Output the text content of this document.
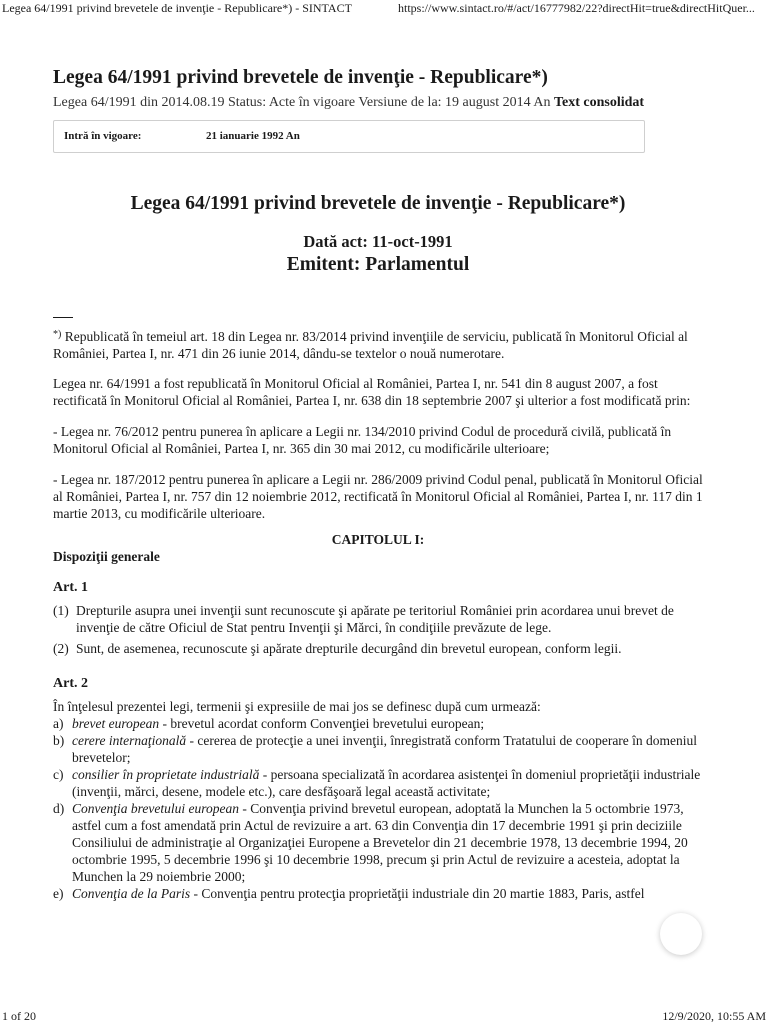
Legea 64/1991 privind brevetele de invenţie - Republicare*) - SINTACT	https://www.sintact.ro/#/act/16777982/22?directHit=true&directHitQuer...
Legea 64/1991 privind brevetele de invenţie - Republicare*)
Legea 64/1991 din 2014.08.19 Status: Acte în vigoare Versiune de la: 19 august 2014 An Text consolidat
Intră în vigoare:	21 ianuarie 1992 An
Legea 64/1991 privind brevetele de invenţie - Republicare*)
Dată act: 11-oct-1991
Emitent: Parlamentul

*) Republicată în temeiul art. 18 din Legea nr. 83/2014 privind invenţiile de serviciu, publicată în Monitorul Oficial al României, Partea I, nr. 471 din 26 iunie 2014, dându-se textelor o nouă numerotare.

Legea nr. 64/1991 a fost republicată în Monitorul Oficial al României, Partea I, nr. 541 din 8 august 2007, a fost rectificată în Monitorul Oficial al României, Partea I, nr. 638 din 18 septembrie 2007 şi ulterior a fost modificată prin:

- Legea nr. 76/2012 pentru punerea în aplicare a Legii nr. 134/2010 privind Codul de procedură civilă, publicată în Monitorul Oficial al României, Partea I, nr. 365 din 30 mai 2012, cu modificările ulterioare;

- Legea nr. 187/2012 pentru punerea în aplicare a Legii nr. 286/2009 privind Codul penal, publicată în Monitorul Oficial al României, Partea I, nr. 757 din 12 noiembrie 2012, rectificată în Monitorul Oficial al României, Partea I, nr. 117 din 1 martie 2013, cu modificările ulterioare.

CAPITOLUL I:
Dispoziţii generale
Art. 1
(1) Drepturile asupra unei invenţii sunt recunoscute şi apărate pe teritoriul României prin acordarea unui brevet de invenţie de către Oficiul de Stat pentru Invenţii şi Mărci, în condiţiile prevăzute de lege.
(2) Sunt, de asemenea, recunoscute şi apărate drepturile decurgând din brevetul european, conform legii.
Art. 2
În înţelesul prezentei legi, termenii şi expresiile de mai jos se definesc după cum urmează:
a) brevet european - brevetul acordat conform Convenţiei brevetului european;
b) cerere internaţională - cererea de protecţie a unei invenţii, înregistrată conform Tratatului de cooperare în domeniul brevetelor;
c) consilier în proprietate industrială - persoana specializată în acordarea asistenţei în domeniul proprietăţii industriale (invenţii, mărci, desene, modele etc.), care desfăşoară legal această activitate;
d) Convenţia brevetului european - Convenţia privind brevetul european, adoptată la Munchen la 5 octombrie 1973, astfel cum a fost amendată prin Actul de revizuire a art. 63 din Convenţia din 17 decembrie 1991 şi prin deciziile Consiliului de administraţie al Organizaţiei Europene a Brevetelor din 21 decembrie 1978, 13 decembrie 1994, 20 octombrie 1995, 5 decembrie 1996 şi 10 decembrie 1998, precum şi prin Actul de revizuire a acesteia, adoptat la Munchen la 29 noiembrie 2000;
e) Convenţia de la Paris - Convenţia pentru protecţia proprietăţii industriale din 20 martie 1883, Paris, astfel
1 of 20	12/9/2020, 10:55 AM
